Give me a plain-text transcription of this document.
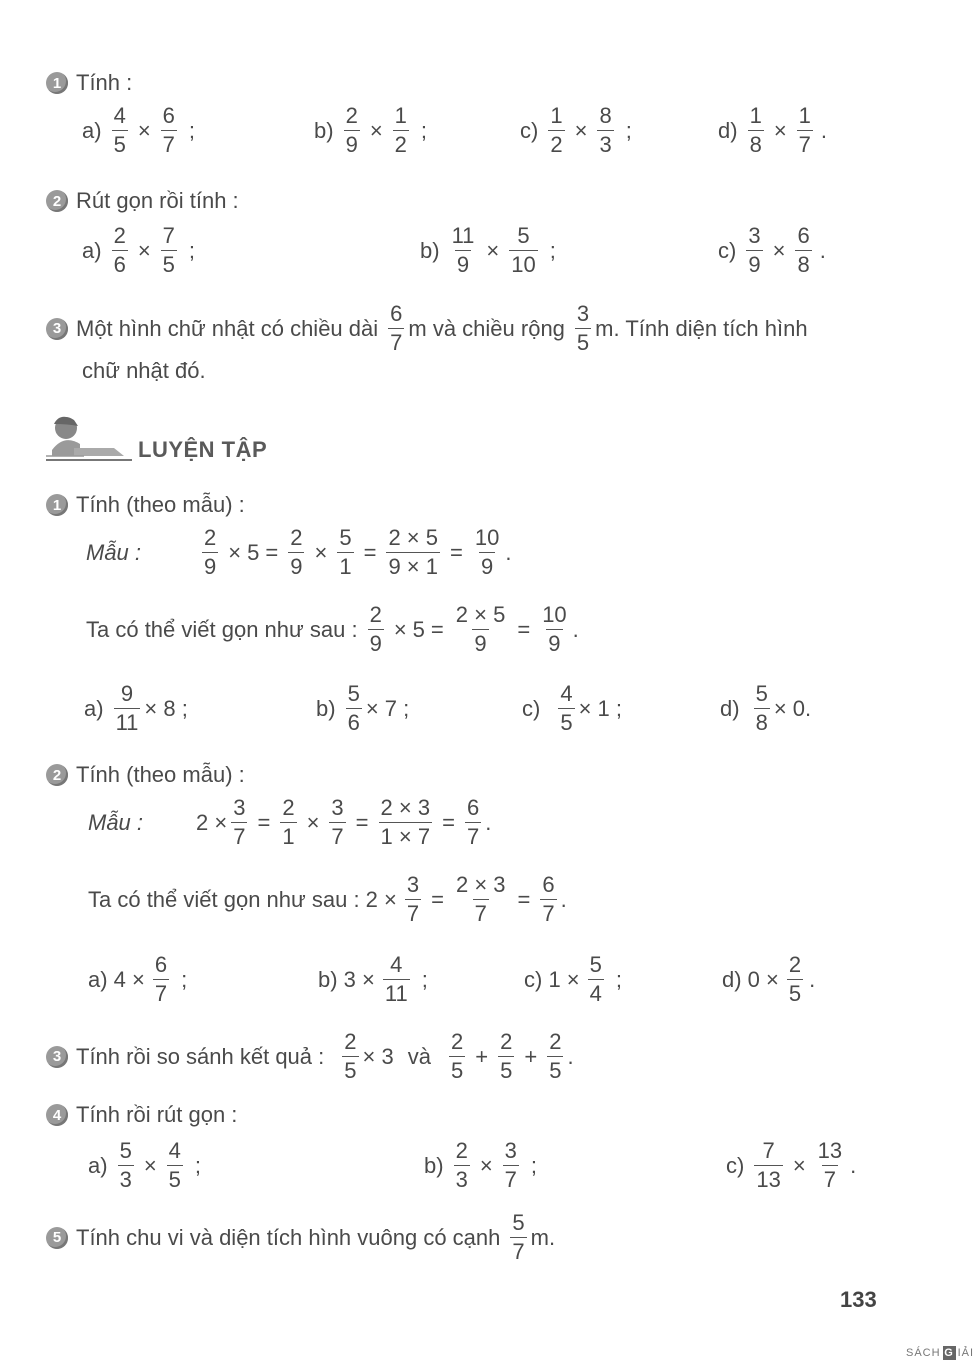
1 Tính :
$a) \frac{4}{5} \times \frac{6}{7}$ ;	$b) \frac{2}{9} \times \frac{1}{2}$ ;	$c) \frac{1}{2} \times \frac{8}{3}$ ;	$d) \frac{1}{8} \times \frac{1}{7}$ .
2 Rút gọn rồi tính :
$a) \frac{2}{6} \times \frac{7}{5}$ ;	$b) \frac{11}{9} \times \frac{5}{10}$ ;	$c) \frac{3}{9} \times \frac{6}{8}$ .
3 Một hình chữ nhật có chiều dài $\frac{6}{7}$ m và chiều rộng $\frac{3}{5} m$. Tính diện tích hình
chữ nhật đó.
LUYỆN TẬP
1 Tính (theo mẫu) :
Mẫu :	$\frac{2}{9} \times 5 = \frac{2}{9} \times \frac{5}{1} = \frac{2 \times 5}{9 \times 1} = \frac{10}{9}$ .
Ta có thể viết gọn như sau : $\frac{2}{9} \times 5 = \frac{2 \times 5}{9} = \frac{10}{9}$ .
$a) \frac{9}{11} \times 8$ ;	$b) \frac{5}{6} \times 7$ ;	$c) \frac{4}{5} \times 1$ ;	$d) \frac{5}{8} \times 0$.
2 Tính (theo mẫu) :
Mẫu :	$2 \times \frac{3}{7} = \frac{2}{1} \times \frac{3}{7} = \frac{2 \times 3}{1 \times 7} = \frac{6}{7}$ .
Ta có thể viết gọn như sau : $2 \times \frac{3}{7} = \frac{2 \times 3}{7} = \frac{6}{7}$ .
a) $4 \times \frac{6}{7}$ ;	b) $3 \times \frac{4}{11}$ ;	c) $1 \times \frac{5}{4}$ ;	d) $0 \times \frac{2}{5}$ .
3 Tính rồi so sánh kết quả : $\frac{2}{5} \times 3$ và $\frac{2}{5} + \frac{2}{5} + \frac{2}{5}$ .
4 Tính rồi rút gọn :
$a) \frac{5}{3} \times \frac{4}{5}$ ;	$b) \frac{2}{3} \times \frac{3}{7}$ ;	$c) \frac{7}{13} \times \frac{13}{7}$ .
5 Tính chu vi và diện tích hình vuông có cạnh $\frac{5}{7} m$.
133
SÁCH G IẢI
